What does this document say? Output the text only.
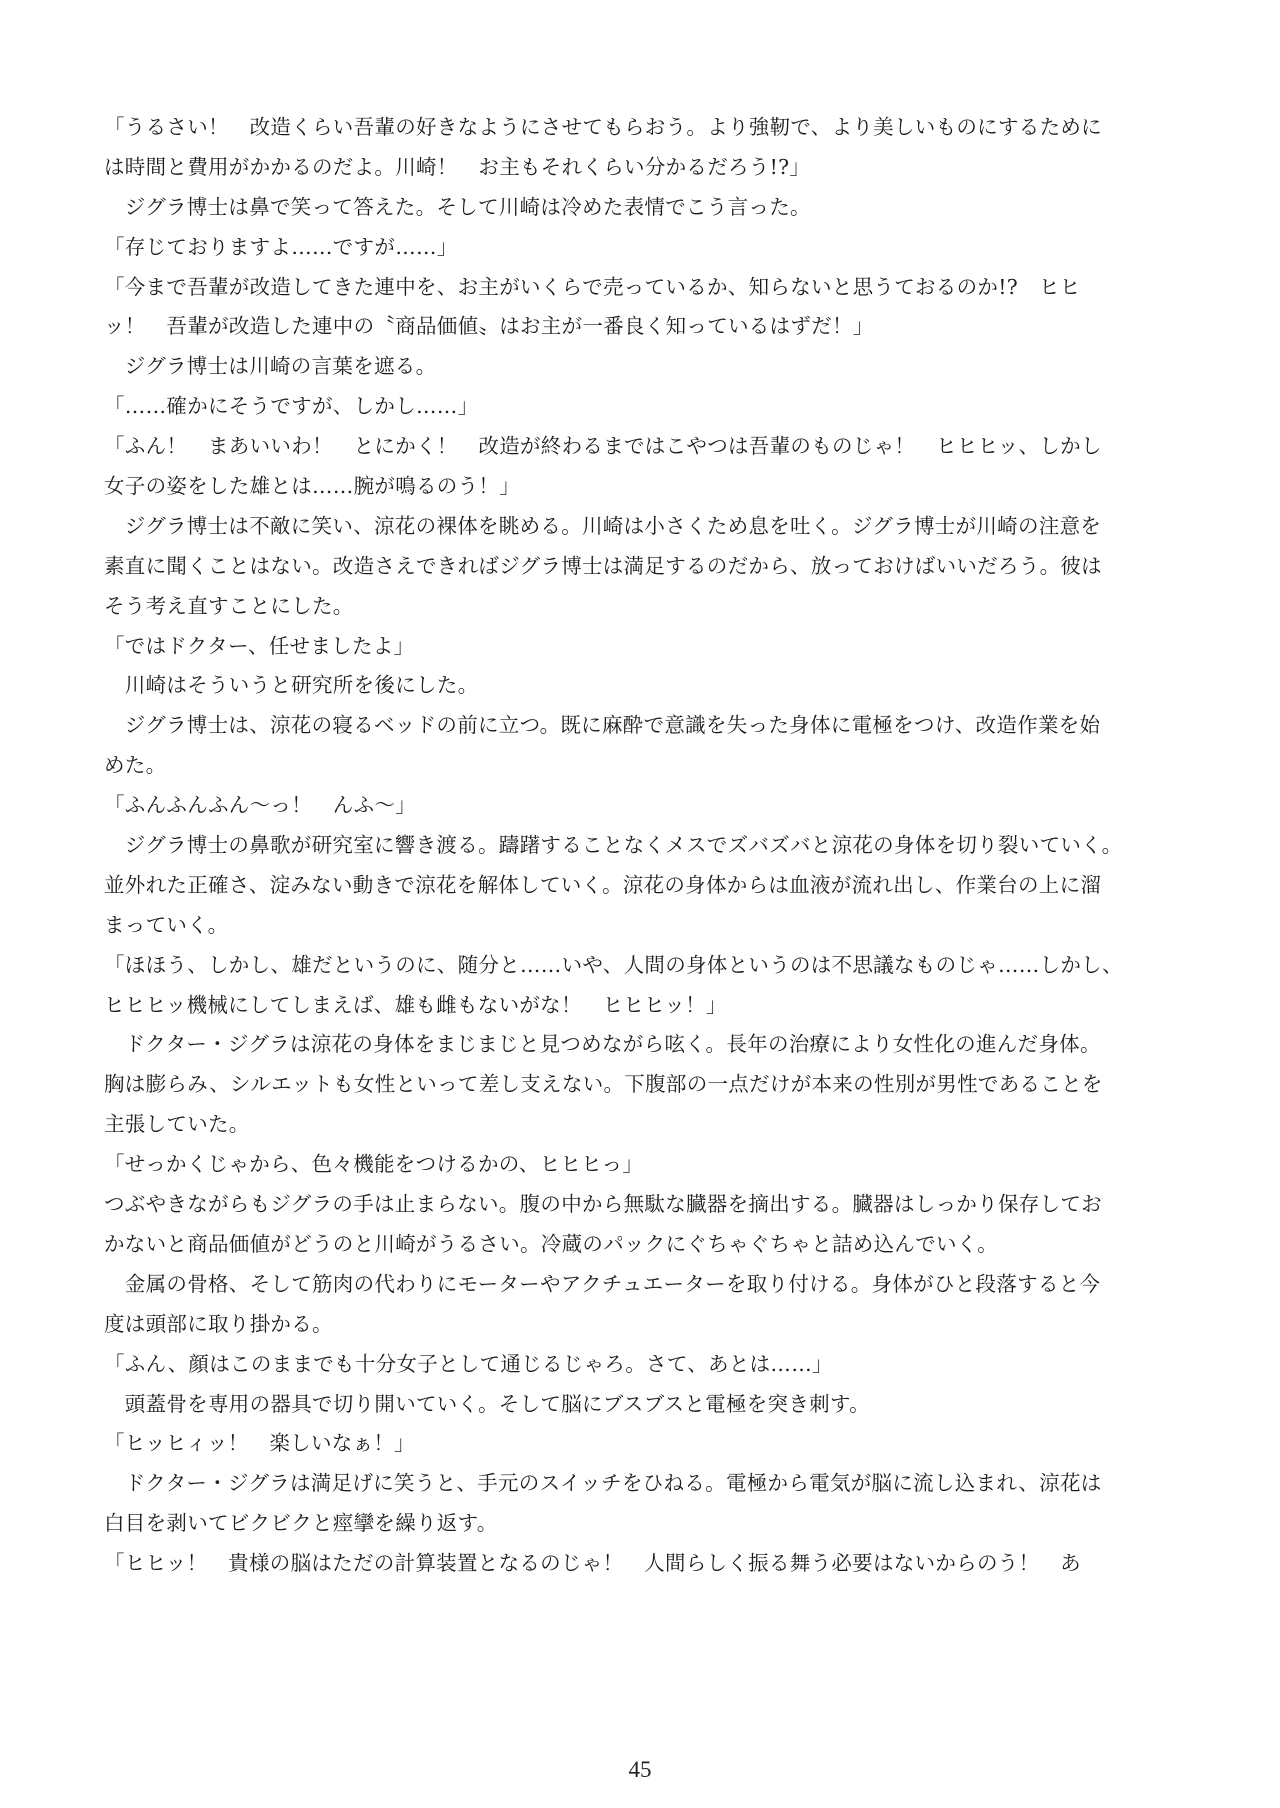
「うるさい！　改造くらい吾輩の好きなようにさせてもらおう。より強靭で、より美しいものにするために
は時間と費用がかかるのだよ。川崎！　お主もそれくらい分かるだろう!?」
　ジグラ博士は鼻で笑って答えた。そして川崎は冷めた表情でこう言った。
「存じておりますよ……ですが……」
「今まで吾輩が改造してきた連中を、お主がいくらで売っているか、知らないと思うておるのか!?　ヒヒ
ッ！　吾輩が改造した連中の〝商品価値〟はお主が一番良く知っているはずだ！」
　ジグラ博士は川崎の言葉を遮る。
「……確かにそうですが、しかし……」
「ふん！　まあいいわ！　とにかく！　改造が終わるまではこやつは吾輩のものじゃ！　ヒヒヒッ、しかし
女子の姿をした雄とは……腕が鳴るのう！」
　ジグラ博士は不敵に笑い、涼花の裸体を眺める。川崎は小さくため息を吐く。ジグラ博士が川崎の注意を
素直に聞くことはない。改造さえできればジグラ博士は満足するのだから、放っておけばいいだろう。彼は
そう考え直すことにした。
「ではドクター、任せましたよ」
　川崎はそういうと研究所を後にした。
　ジグラ博士は、涼花の寝るベッドの前に立つ。既に麻酔で意識を失った身体に電極をつけ、改造作業を始
めた。
「ふんふんふん～っ！　んふ～」
　ジグラ博士の鼻歌が研究室に響き渡る。躊躇することなくメスでズバズバと涼花の身体を切り裂いていく。
並外れた正確さ、淀みない動きで涼花を解体していく。涼花の身体からは血液が流れ出し、作業台の上に溜
まっていく。
「ほほう、しかし、雄だというのに、随分と……いや、人間の身体というのは不思議なものじゃ……しかし、
ヒヒヒッ機械にしてしまえば、雄も雌もないがな！　ヒヒヒッ！」
　ドクター・ジグラは涼花の身体をまじまじと見つめながら呟く。長年の治療により女性化の進んだ身体。
胸は膨らみ、シルエットも女性といって差し支えない。下腹部の一点だけが本来の性別が男性であることを
主張していた。
「せっかくじゃから、色々機能をつけるかの、ヒヒヒっ」
つぶやきながらもジグラの手は止まらない。腹の中から無駄な臓器を摘出する。臓器はしっかり保存してお
かないと商品価値がどうのと川崎がうるさい。冷蔵のパックにぐちゃぐちゃと詰め込んでいく。
　金属の骨格、そして筋肉の代わりにモーターやアクチュエーターを取り付ける。身体がひと段落すると今
度は頭部に取り掛かる。
「ふん、顔はこのままでも十分女子として通じるじゃろ。さて、あとは……」
　頭蓋骨を専用の器具で切り開いていく。そして脳にブスブスと電極を突き刺す。
「ヒッヒィッ！　楽しいなぁ！」
　ドクター・ジグラは満足げに笑うと、手元のスイッチをひねる。電極から電気が脳に流し込まれ、涼花は
白目を剥いてビクビクと痙攣を繰り返す。
「ヒヒッ！　貴様の脳はただの計算装置となるのじゃ！　人間らしく振る舞う必要はないからのう！　あ
45
